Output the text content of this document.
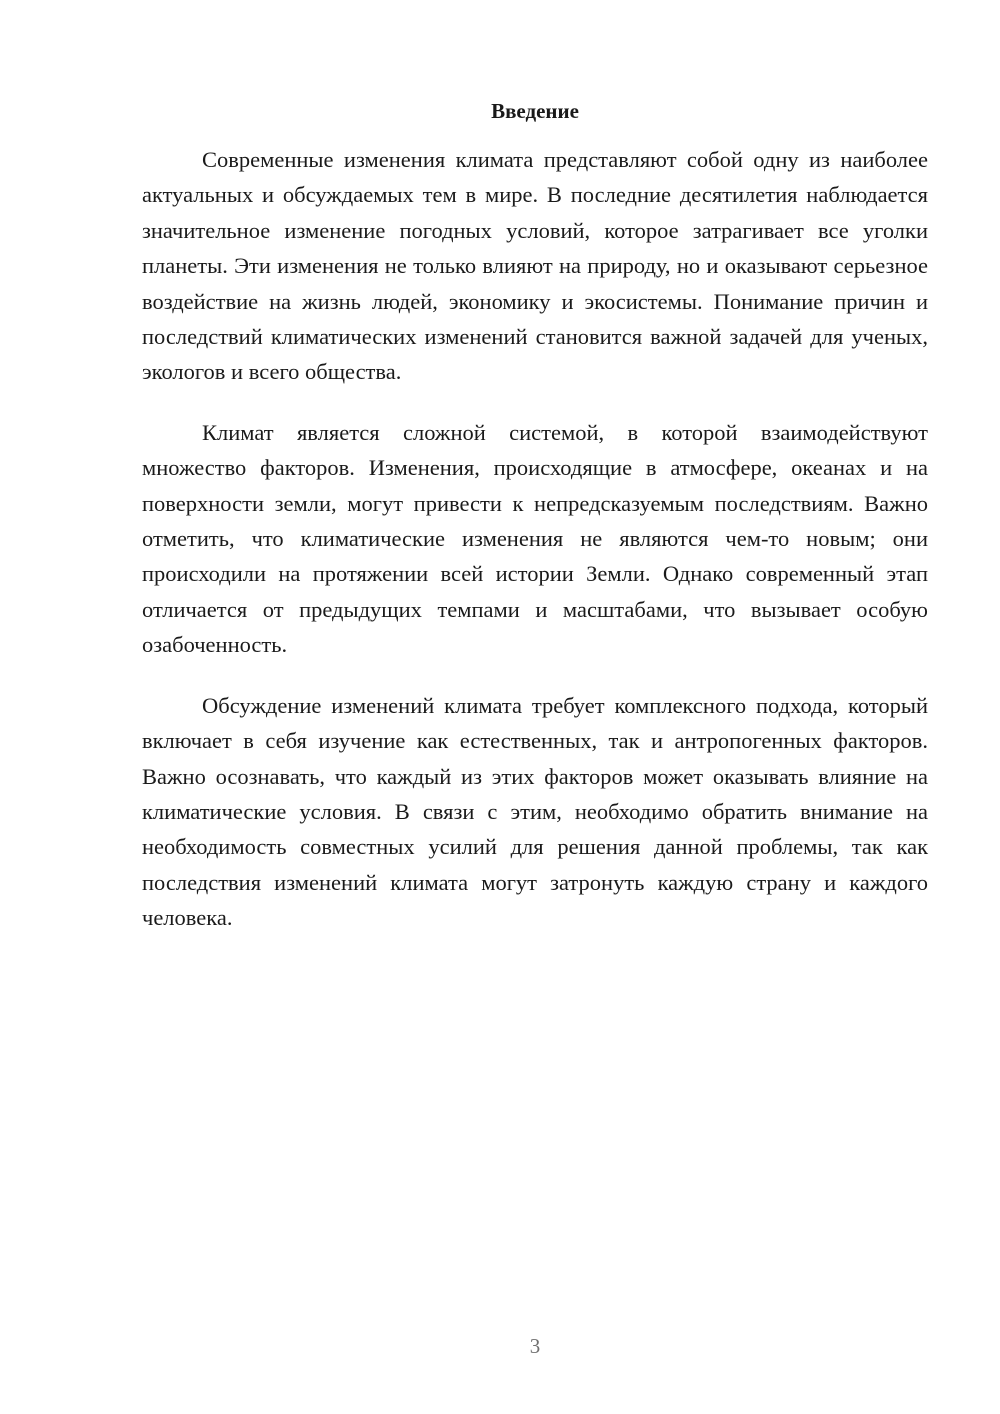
Введение

Современные изменения климата представляют собой одну из наиболее актуальных и обсуждаемых тем в мире. В последние десятилетия наблюдается значительное изменение погодных условий, которое затрагивает все уголки планеты. Эти изменения не только влияют на природу, но и оказывают серьезное воздействие на жизнь людей, экономику и экосистемы. Понимание причин и последствий климатических изменений становится важной задачей для ученых, экологов и всего общества.

Климат является сложной системой, в которой взаимодействуют множество факторов. Изменения, происходящие в атмосфере, океанах и на поверхности земли, могут привести к непредсказуемым последствиям. Важно отметить, что климатические изменения не являются чем-то новым; они происходили на протяжении всей истории Земли. Однако современный этап отличается от предыдущих темпами и масштабами, что вызывает особую озабоченность.

Обсуждение изменений климата требует комплексного подхода, который включает в себя изучение как естественных, так и антропогенных факторов. Важно осознавать, что каждый из этих факторов может оказывать влияние на климатические условия. В связи с этим, необходимо обратить внимание на необходимость совместных усилий для решения данной проблемы, так как последствия изменений климата могут затронуть каждую страну и каждого человека.

3
